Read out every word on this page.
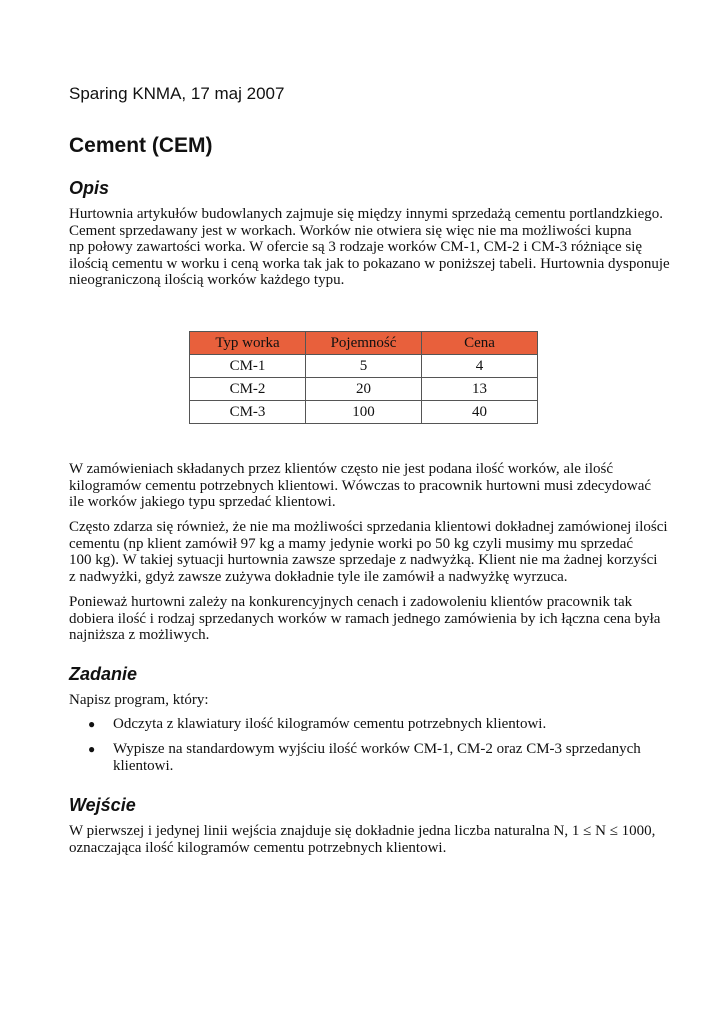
Sparing KNMA, 17 maj 2007
Cement (CEM)
Opis
Hurtownia artykułów budowlanych zajmuje się między innymi sprzedażą cementu portlandzkiego.
Cement sprzedawany jest w workach. Worków nie otwiera się więc nie ma możliwości kupna
np połowy zawartości worka. W ofercie są 3 rodzaje worków CM-1, CM-2 i CM-3 różniące się
ilością cementu w worku i ceną worka tak jak to pokazano w poniższej tabeli. Hurtownia dysponuje
nieograniczoną ilością worków każdego typu.
Typ worka	Pojemność	Cena
CM-1	5	4
CM-2	20	13
CM-3	100	40
W zamówieniach składanych przez klientów często nie jest podana ilość worków, ale ilość
kilogramów cementu potrzebnych klientowi. Wówczas to pracownik hurtowni musi zdecydować
ile worków jakiego typu sprzedać klientowi.
Często zdarza się również, że nie ma możliwości sprzedania klientowi dokładnej zamówionej ilości
cementu (np klient zamówił 97 kg a mamy jedynie worki po 50 kg czyli musimy mu sprzedać
100 kg). W takiej sytuacji hurtownia zawsze sprzedaje z nadwyżką. Klient nie ma żadnej korzyści
z nadwyżki, gdyż zawsze zużywa dokładnie tyle ile zamówił a nadwyżkę wyrzuca.
Ponieważ hurtowni zależy na konkurencyjnych cenach i zadowoleniu klientów pracownik tak
dobiera ilość i rodzaj sprzedanych worków w ramach jednego zamówienia by ich łączna cena była
najniższa z możliwych.
Zadanie
Napisz program, który:
● Odczyta z klawiatury ilość kilogramów cementu potrzebnych klientowi.
● Wypisze na standardowym wyjściu ilość worków CM-1, CM-2 oraz CM-3 sprzedanych
klientowi.
Wejście
W pierwszej i jedynej linii wejścia znajduje się dokładnie jedna liczba naturalna N, 1 ≤ N ≤ 1000,
oznaczająca ilość kilogramów cementu potrzebnych klientowi.
